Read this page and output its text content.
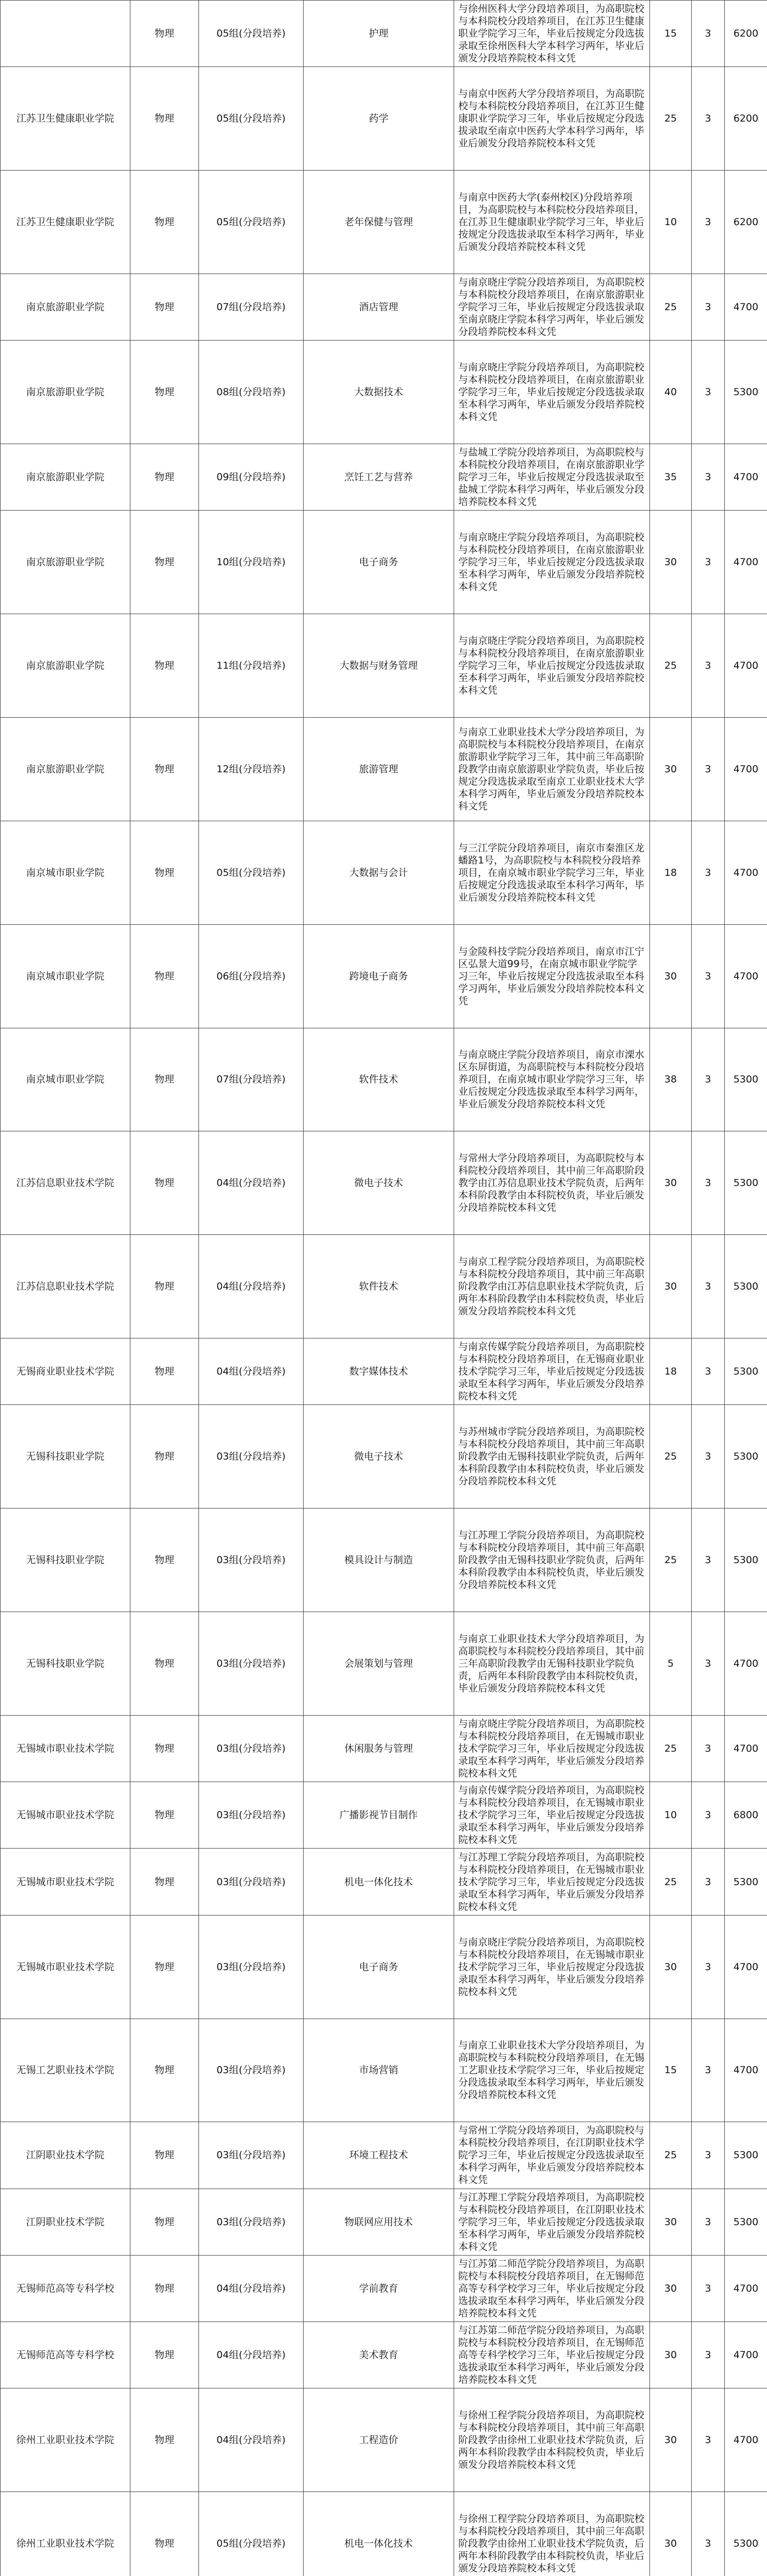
	物理	05组(分段培养)	护理	与徐州医科大学分段培养项目，为高职院校与本科院校分段培养项目，在江苏卫生健康职业学院学习三年，毕业后按规定分段选拔录取至徐州医科大学本科学习两年，毕业后颁发分段培养院校本科文凭	15	3	6200
江苏卫生健康职业学院	物理	05组(分段培养)	药学	与南京中医药大学分段培养项目，为高职院校与本科院校分段培养项目，在江苏卫生健康职业学院学习三年，毕业后按规定分段选拔录取至南京中医药大学本科学习两年，毕业后颁发分段培养院校本科文凭	25	3	6200
江苏卫生健康职业学院	物理	05组(分段培养)	老年保健与管理	与南京中医药大学(泰州校区)分段培养项目，为高职院校与本科院校分段培养项目，在江苏卫生健康职业学院学习三年，毕业后按规定分段选拔录取至本科学习两年，毕业后颁发分段培养院校本科文凭	10	3	6200
南京旅游职业学院	物理	07组(分段培养)	酒店管理	与南京晓庄学院分段培养项目，为高职院校与本科院校分段培养项目，在南京旅游职业学院学习三年，毕业后按规定分段选拔录取至南京晓庄学院本科学习两年，毕业后颁发分段培养院校本科文凭	25	3	4700
南京旅游职业学院	物理	08组(分段培养)	大数据技术	与南京晓庄学院分段培养项目，为高职院校与本科院校分段培养项目，在南京旅游职业学院学习三年，毕业后按规定分段选拔录取至本科学习两年，毕业后颁发分段培养院校本科文凭	40	3	5300
南京旅游职业学院	物理	09组(分段培养)	烹饪工艺与营养	与盐城工学院分段培养项目，为高职院校与本科院校分段培养项目，在南京旅游职业学院学习三年，毕业后按规定分段选拔录取至盐城工学院本科学习两年，毕业后颁发分段培养院校本科文凭	35	3	4700
南京旅游职业学院	物理	10组(分段培养)	电子商务	与南京晓庄学院分段培养项目，为高职院校与本科院校分段培养项目，在南京旅游职业学院学习三年，毕业后按规定分段选拔录取至本科学习两年，毕业后颁发分段培养院校本科文凭	30	3	4700
南京旅游职业学院	物理	11组(分段培养)	大数据与财务管理	与南京晓庄学院分段培养项目，为高职院校与本科院校分段培养项目，在南京旅游职业学院学习三年，毕业后按规定分段选拔录取至本科学习两年，毕业后颁发分段培养院校本科文凭	25	3	4700
南京旅游职业学院	物理	12组(分段培养)	旅游管理	与南京工业职业技术大学分段培养项目，为高职院校与本科院校分段培养项目，在南京旅游职业学院学习三年，其中前三年高职阶段教学由南京旅游职业学院负责，毕业后按规定分段选拔录取至南京工业职业技术大学本科学习两年，毕业后颁发分段培养院校本科文凭	30	3	4700
南京城市职业学院	物理	05组(分段培养)	大数据与会计	与三江学院分段培养项目，南京市秦淮区龙蟠路1号，为高职院校与本科院校分段培养项目，在南京城市职业学院学习三年，毕业后按规定分段选拔录取至本科学习两年，毕业后颁发分段培养院校本科文凭	18	3	4700
南京城市职业学院	物理	06组(分段培养)	跨境电子商务	与金陵科技学院分段培养项目，南京市江宁区弘景大道99号，在南京城市职业学院学习三年，毕业后按规定分段选拔录取至本科学习两年，毕业后颁发分段培养院校本科文凭	30	3	4700
南京城市职业学院	物理	07组(分段培养)	软件技术	与南京晓庄学院分段培养项目，南京市溧水区东屏街道，为高职院校与本科院校分段培养项目，在南京城市职业学院学习三年，毕业后按规定分段选拔录取至本科学习两年，毕业后颁发分段培养院校本科文凭	38	3	5300
江苏信息职业技术学院	物理	04组(分段培养)	微电子技术	与常州大学分段培养项目，为高职院校与本科院校分段培养项目，其中前三年高职阶段教学由江苏信息职业技术学院负责，后两年本科阶段教学由本科院校负责，毕业后颁发分段培养院校本科文凭	30	3	5300
江苏信息职业技术学院	物理	04组(分段培养)	软件技术	与南京工程学院分段培养项目，为高职院校与本科院校分段培养项目，其中前三年高职阶段教学由江苏信息职业技术学院负责，后两年本科阶段教学由本科院校负责，毕业后颁发分段培养院校本科文凭	30	3	5300
无锡商业职业技术学院	物理	04组(分段培养)	数字媒体技术	与南京传媒学院分段培养项目，为高职院校与本科院校分段培养项目，在无锡商业职业技术学院学习三年，毕业后按规定分段选拔录取至本科学习两年，毕业后颁发分段培养院校本科文凭	18	3	5300
无锡科技职业学院	物理	03组(分段培养)	微电子技术	与苏州城市学院分段培养项目，为高职院校与本科院校分段培养项目，其中前三年高职阶段教学由无锡科技职业学院负责，后两年本科阶段教学由本科院校负责，毕业后颁发分段培养院校本科文凭	25	3	5300
无锡科技职业学院	物理	03组(分段培养)	模具设计与制造	与江苏理工学院分段培养项目，为高职院校与本科院校分段培养项目，其中前三年高职阶段教学由无锡科技职业学院负责，后两年本科阶段教学由本科院校负责，毕业后颁发分段培养院校本科文凭	25	3	5300
无锡科技职业学院	物理	03组(分段培养)	会展策划与管理	与南京工业职业技术大学分段培养项目，为高职院校与本科院校分段培养项目，其中前三年高职阶段教学由无锡科技职业学院负责，后两年本科阶段教学由本科院校负责，毕业后颁发分段培养院校本科文凭	5	3	4700
无锡城市职业技术学院	物理	03组(分段培养)	休闲服务与管理	与南京晓庄学院分段培养项目，为高职院校与本科院校分段培养项目，在无锡城市职业技术学院学习三年，毕业后按规定分段选拔录取至本科学习两年，毕业后颁发分段培养院校本科文凭	25	3	4700
无锡城市职业技术学院	物理	03组(分段培养)	广播影视节目制作	与南京传媒学院分段培养项目，为高职院校与本科院校分段培养项目，在无锡城市职业技术学院学习三年，毕业后按规定分段选拔录取至本科学习两年，毕业后颁发分段培养院校本科文凭	10	3	6800
无锡城市职业技术学院	物理	03组(分段培养)	机电一体化技术	与江苏理工学院分段培养项目，为高职院校与本科院校分段培养项目，在无锡城市职业技术学院学习三年，毕业后按规定分段选拔录取至本科学习两年，毕业后颁发分段培养院校本科文凭	25	3	5300
无锡城市职业技术学院	物理	03组(分段培养)	电子商务	与南京晓庄学院分段培养项目，为高职院校与本科院校分段培养项目，在无锡城市职业技术学院学习三年，毕业后按规定分段选拔录取至本科学习两年，毕业后颁发分段培养院校本科文凭	30	3	4700
无锡工艺职业技术学院	物理	03组(分段培养)	市场营销	与南京工业职业技术大学分段培养项目，为高职院校与本科院校分段培养项目，在无锡工艺职业技术学院学习三年，毕业后按规定分段选拔录取至本科学习两年，毕业后颁发分段培养院校本科文凭	15	3	4700
江阴职业技术学院	物理	03组(分段培养)	环境工程技术	与常州工学院分段培养项目，为高职院校与本科院校分段培养项目，在江阴职业技术学院学习三年，毕业后按规定分段选拔录取至本科学习两年，毕业后颁发分段培养院校本科文凭	25	3	5300
江阴职业技术学院	物理	03组(分段培养)	物联网应用技术	与江苏理工学院分段培养项目，为高职院校与本科院校分段培养项目，在江阴职业技术学院学习三年，毕业后按规定分段选拔录取至本科学习两年，毕业后颁发分段培养院校本科文凭	30	3	5300
无锡师范高等专科学校	物理	04组(分段培养)	学前教育	与江苏第二师范学院分段培养项目，为高职院校与本科院校分段培养项目，在无锡师范高等专科学校学习三年，毕业后按规定分段选拔录取至本科学习两年，毕业后颁发分段培养院校本科文凭	30	3	4700
无锡师范高等专科学校	物理	04组(分段培养)	美术教育	与江苏第二师范学院分段培养项目，为高职院校与本科院校分段培养项目，在无锡师范高等专科学校学习三年，毕业后按规定分段选拔录取至本科学习两年，毕业后颁发分段培养院校本科文凭	30	3	4700
徐州工业职业技术学院	物理	04组(分段培养)	工程造价	与徐州工程学院分段培养项目，为高职院校与本科院校分段培养项目，其中前三年高职阶段教学由徐州工业职业技术学院负责，后两年本科阶段教学由本科院校负责，毕业后颁发分段培养院校本科文凭	30	3	4700
徐州工业职业技术学院	物理	05组(分段培养)	机电一体化技术	与徐州工程学院分段培养项目，为高职院校与本科院校分段培养项目，其中前三年高职阶段教学由徐州工业职业技术学院负责，后两年本科阶段教学由本科院校负责，毕业后颁发分段培养院校本科文凭	30	3	5300
